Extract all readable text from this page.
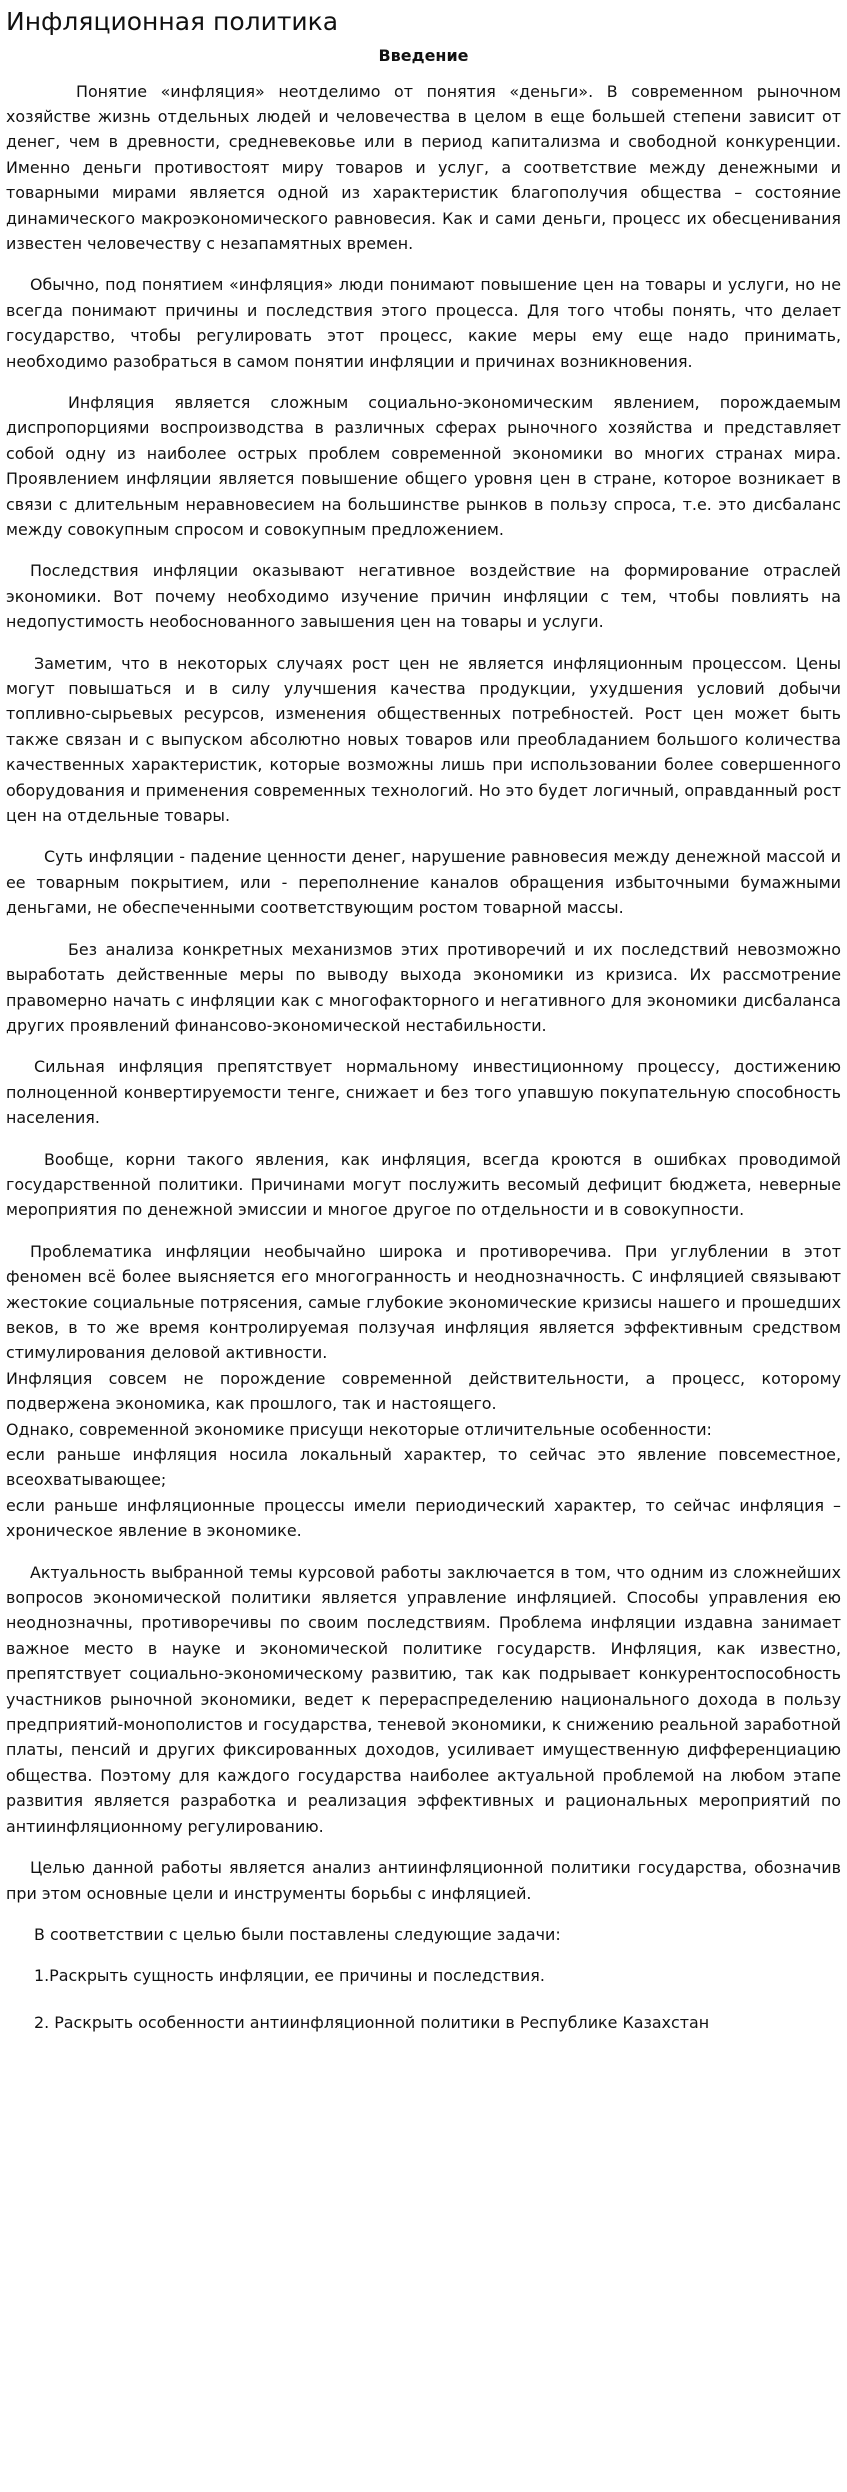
Инфляционная политика
Введение

Понятие «инфляция» неотделимо от понятия «деньги». В современном рыночном хозяйстве жизнь отдельных людей и человечества в целом в еще большей степени зависит от денег, чем в древности, средневековье или в период капитализма и свободной конкуренции. Именно деньги противостоят миру товаров и услуг, а соответствие между денежными и товарными мирами является одной из характеристик благополучия общества – состояние динамического макроэкономического равновесия. Как и сами деньги, процесс их обесценивания известен человечеству с незапамятных времен.

Обычно, под понятием «инфляция» люди понимают повышение цен на товары и услуги, но не всегда понимают причины и последствия этого процесса. Для того чтобы понять, что делает государство, чтобы регулировать этот процесс, какие меры ему еще надо принимать, необходимо разобраться в самом понятии инфляции и причинах возникновения.

Инфляция является сложным социально-экономическим явлением, порождаемым диспропорциями воспроизводства в различных сферах рыночного хозяйства и представляет собой одну из наиболее острых проблем современной экономики во многих странах мира. Проявлением инфляции является повышение общего уровня цен в стране, которое возникает в связи с длительным неравновесием на большинстве рынков в пользу спроса, т.е. это дисбаланс между совокупным спросом и совокупным предложением.

Последствия инфляции оказывают негативное воздействие на формирование отраслей экономики. Вот почему необходимо изучение причин инфляции с тем, чтобы повлиять на недопустимость необоснованного завышения цен на товары и услуги.

Заметим, что в некоторых случаях рост цен не является инфляционным процессом. Цены могут повышаться и в силу улучшения качества продукции, ухудшения условий добычи топливно-сырьевых ресурсов, изменения общественных потребностей. Рост цен может быть также связан и с выпуском абсолютно новых товаров или преобладанием большого количества качественных характеристик, которые возможны лишь при использовании более совершенного оборудования и применения современных технологий. Но это будет логичный, оправданный рост цен на отдельные товары.

Суть инфляции - падение ценности денег, нарушение равновесия между денежной массой и ее товарным покрытием, или - переполнение каналов обращения избыточными бумажными деньгами, не обеспеченными соответствующим ростом товарной массы.

Без анализа конкретных механизмов этих противоречий и их последствий невозможно выработать действенные меры по выводу выхода экономики из кризиса. Их рассмотрение правомерно начать с инфляции как с многофакторного и негативного для экономики дисбаланса других проявлений финансово-экономической нестабильности.

Сильная инфляция препятствует нормальному инвестиционному процессу, достижению полноценной конвертируемости тенге, снижает и без того упавшую покупательную способность населения.

Вообще, корни такого явления, как инфляция, всегда кроются в ошибках проводимой государственной политики. Причинами могут послужить весомый дефицит бюджета, неверные мероприятия по денежной эмиссии и многое другое по отдельности и в совокупности.

Проблематика инфляции необычайно широка и противоречива. При углублении в этот феномен всё более выясняется его многогранность и неоднозначность. С инфляцией связывают жестокие социальные потрясения, самые глубокие экономические кризисы нашего и прошедших веков, в то же время контролируемая ползучая инфляция является эффективным средством стимулирования деловой активности.

Инфляция совсем не порождение современной действительности, а процесс, которому подвержена экономика, как прошлого, так и настоящего.

Однако, современной экономике присущи некоторые отличительные особенности:

если раньше инфляция носила локальный характер, то сейчас это явление повсеместное, всеохватывающее;

если раньше инфляционные процессы имели периодический характер, то сейчас инфляция – хроническое явление в экономике.

Актуальность выбранной темы курсовой работы заключается в том, что одним из сложнейших вопросов экономической политики является управление инфляцией. Способы управления ею неоднозначны, противоречивы по своим последствиям. Проблема инфляции издавна занимает важное место в науке и экономической политике государств. Инфляция, как известно, препятствует социально-экономическому развитию, так как подрывает конкурентоспособность участников рыночной экономики, ведет к перераспределению национального дохода в пользу предприятий-монополистов и государства, теневой экономики, к снижению реальной заработной платы, пенсий и других фиксированных доходов, усиливает имущественную дифференциацию общества. Поэтому для каждого государства наиболее актуальной проблемой на любом этапе развития является разработка и реализация эффективных и рациональных мероприятий по антиинфляционному регулированию.

Целью данной работы является анализ антиинфляционной политики государства, обозначив при этом основные цели и инструменты борьбы с инфляцией.

В соответствии с целью были поставлены следующие задачи:

1.Раскрыть сущность инфляции, ее причины и последствия.
2. Раскрыть особенности антиинфляционной политики в Республике Казахстан
